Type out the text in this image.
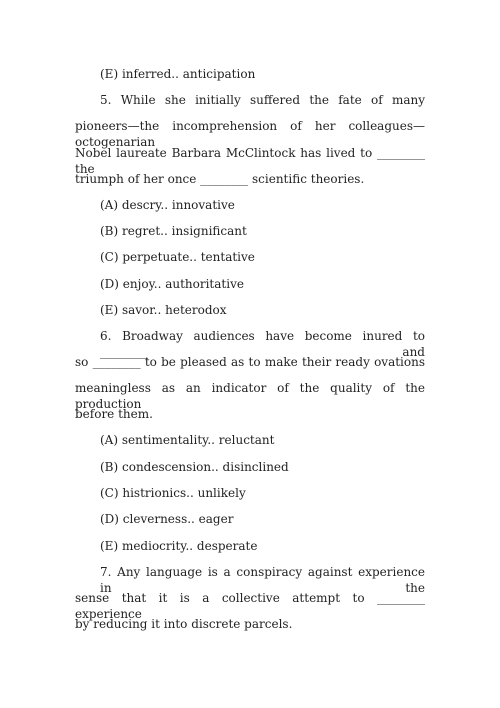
(E) inferred.. anticipation
5. While she initially suffered the fate of many
pioneers—the incomprehension of her colleagues—octogenarian
Nobel laureate Barbara McClintock has lived to ________ the
triumph of her once ________ scientific theories.
(A) descry.. innovative
(B) regret.. insignificant
(C) perpetuate.. tentative
(D) enjoy.. authoritative
(E) savor.. heterodox
6. Broadway audiences have become inured to ________ and
so ________ to be pleased as to make their ready ovations
meaningless as an indicator of the quality of the production
before them.
(A) sentimentality.. reluctant
(B) condescension.. disinclined
(C) histrionics.. unlikely
(D) cleverness.. eager
(E) mediocrity.. desperate
7. Any language is a conspiracy against experience in the
sense that it is a collective attempt to ________ experience
by reducing it into discrete parcels.
